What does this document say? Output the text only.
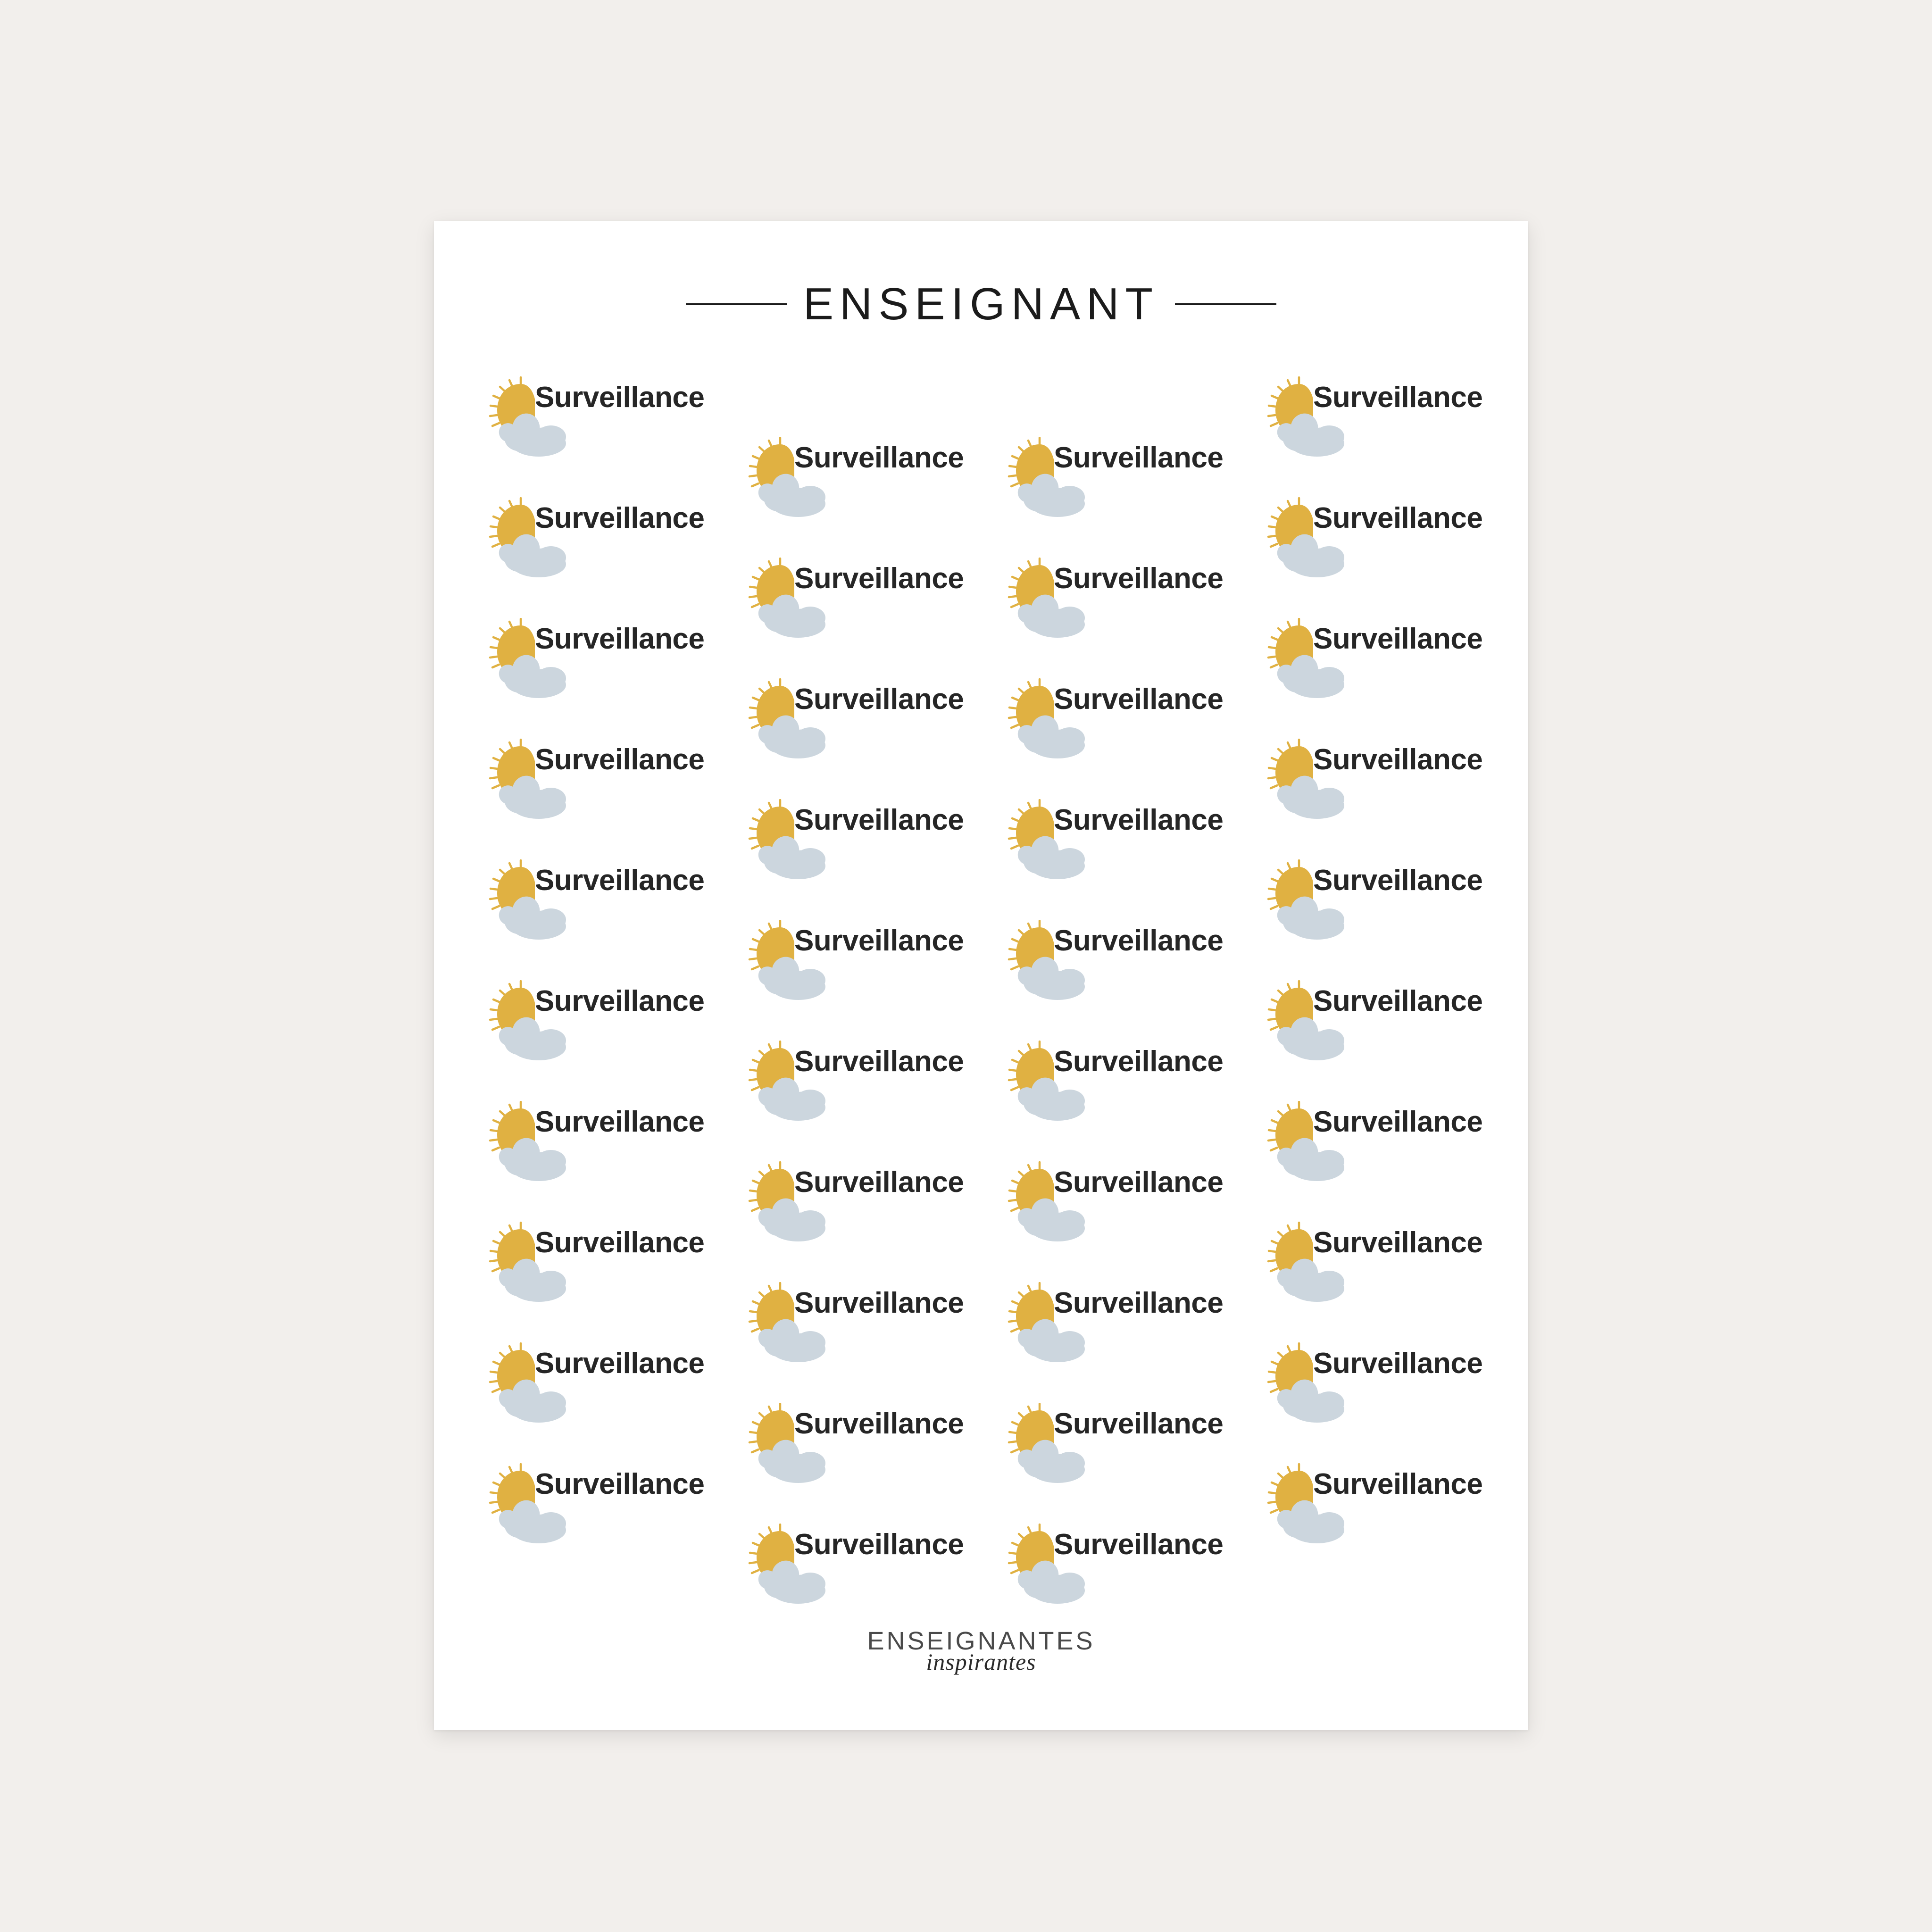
ENSEIGNANT
Surveillance
Surveillance
Surveillance
Surveillance
Surveillance
Surveillance
Surveillance
Surveillance
Surveillance
Surveillance
Surveillance
Surveillance
Surveillance
Surveillance
Surveillance
Surveillance
Surveillance
Surveillance
Surveillance
Surveillance
Surveillance
Surveillance
Surveillance
Surveillance
Surveillance
Surveillance
Surveillance
Surveillance
Surveillance
Surveillance
Surveillance
Surveillance
Surveillance
Surveillance
Surveillance
Surveillance
Surveillance
Surveillance
Surveillance
Surveillance
ENSEIGNANTES
inspirantes
